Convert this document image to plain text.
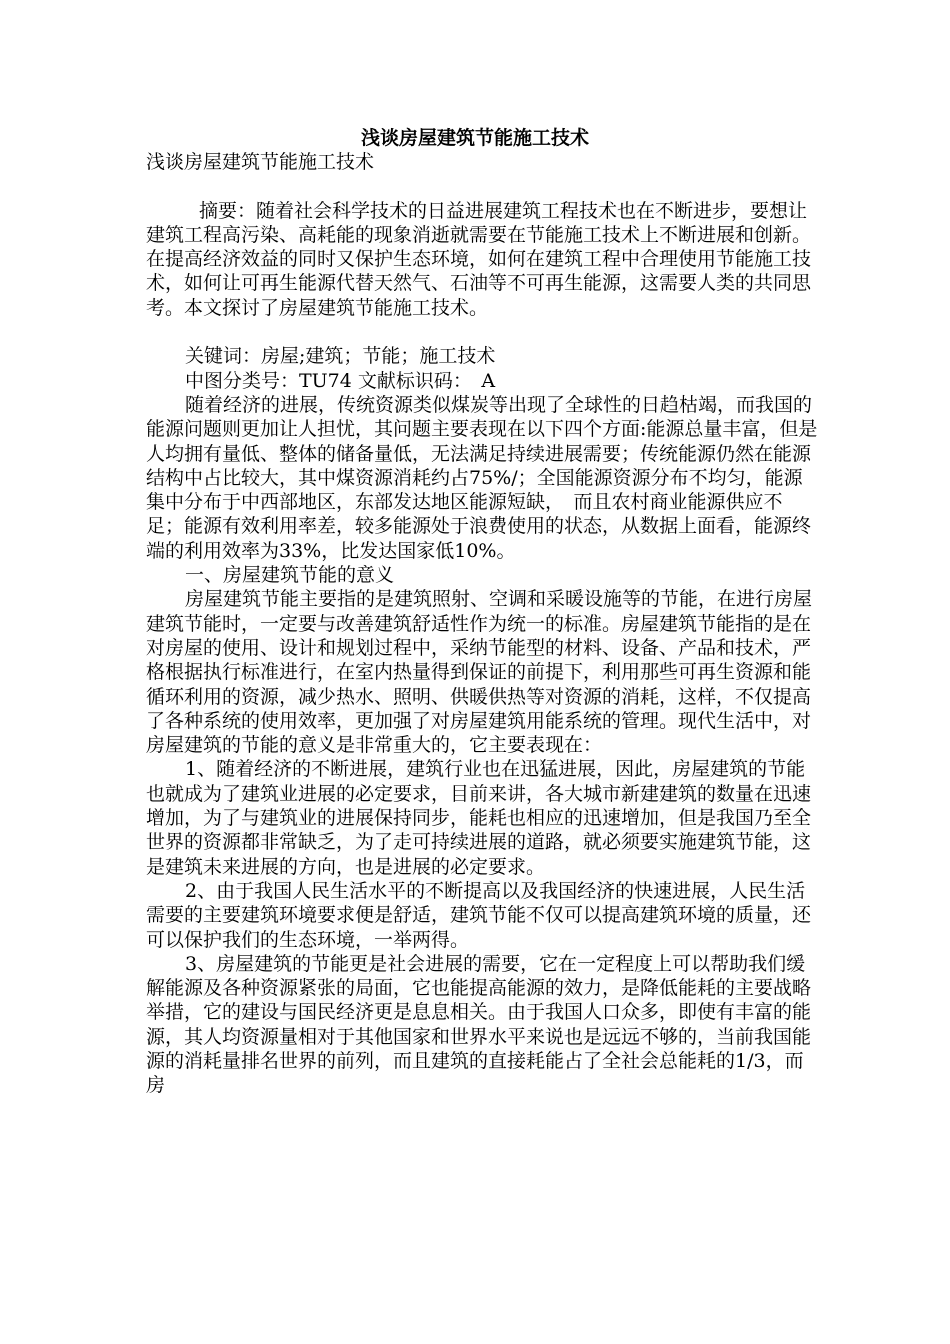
浅谈房屋建筑节能施工技术

浅谈房屋建筑节能施工技术

摘要：随着社会科学技术的日益进展建筑工程技术也在不断进步，要想让建筑工程高污染、高耗能的现象消逝就需要在节能施工技术上不断进展和创新。在提高经济效益的同时又保护生态环境，如何在建筑工程中合理使用节能施工技术，如何让可再生能源代替天然气、石油等不可再生能源，这需要人类的共同思考。本文探讨了房屋建筑节能施工技术。

关键词：房屋;建筑；节能；施工技术

中图分类号：TU74 文献标识码：　A

随着经济的进展，传统资源类似煤炭等出现了全球性的日趋枯竭，而我国的能源问题则更加让人担忧，其问题主要表现在以下四个方面:能源总量丰富，但是人均拥有量低、整体的储备量低，无法满足持续进展需要；传统能源仍然在能源结构中占比较大，其中煤资源消耗约占75%/；全国能源资源分布不均匀，能源集中分布于中西部地区，东部发达地区能源短缺，　而且农村商业能源供应不足；能源有效利用率差，较多能源处于浪费使用的状态，从数据上面看，能源终端的利用效率为33%，比发达国家低10%。

一、房屋建筑节能的意义

房屋建筑节能主要指的是建筑照射、空调和采暖设施等的节能，在进行房屋建筑节能时，一定要与改善建筑舒适性作为统一的标准。房屋建筑节能指的是在对房屋的使用、设计和规划过程中，采纳节能型的材料、设备、产品和技术，严格根据执行标准进行，在室内热量得到保证的前提下，利用那些可再生资源和能循环利用的资源，减少热水、照明、供暖供热等对资源的消耗，这样，不仅提高了各种系统的使用效率，更加强了对房屋建筑用能系统的管理。现代生活中，对房屋建筑的节能的意义是非常重大的，它主要表现在：

1、随着经济的不断进展，建筑行业也在迅猛进展，因此，房屋建筑的节能也就成为了建筑业进展的必定要求，目前来讲，各大城市新建建筑的数量在迅速增加，为了与建筑业的进展保持同步，能耗也相应的迅速增加，但是我国乃至全世界的资源都非常缺乏，为了走可持续进展的道路，就必须要实施建筑节能，这是建筑未来进展的方向，也是进展的必定要求。

2、由于我国人民生活水平的不断提高以及我国经济的快速进展，人民生活需要的主要建筑环境要求便是舒适，建筑节能不仅可以提高建筑环境的质量，还可以保护我们的生态环境，一举两得。

3、房屋建筑的节能更是社会进展的需要，它在一定程度上可以帮助我们缓解能源及各种资源紧张的局面，它也能提高能源的效力，是降低能耗的主要战略举措，它的建设与国民经济更是息息相关。由于我国人口众多，即使有丰富的能源，其人均资源量相对于其他国家和世界水平来说也是远远不够的，当前我国能源的消耗量排名世界的前列，而且建筑的直接耗能占了全社会总能耗的1/3，而房
